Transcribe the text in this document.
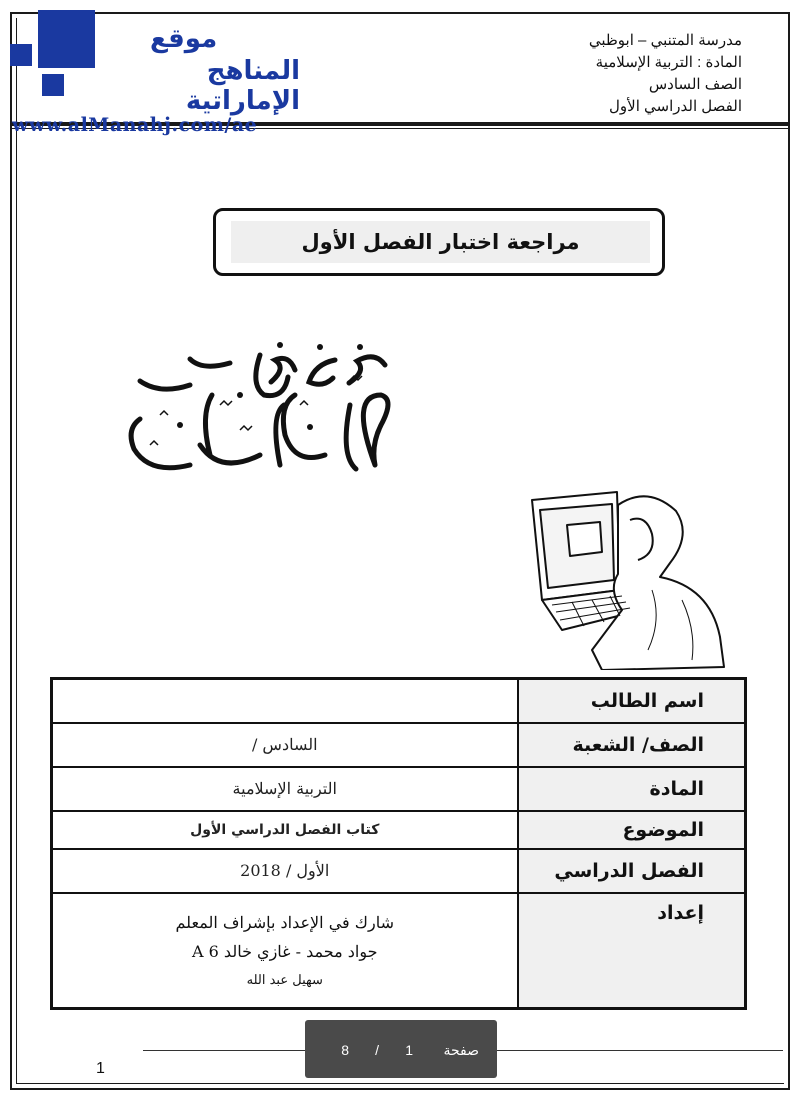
موقع
المناهج الإماراتية
www.alManahj.com/ae
مدرسة المتنبي – ابوظبي
المادة : التربية الإسلامية
الصف السادس
الفصل الدراسي الأول
مراجعة اختبار الفصل الأول
اسم الطالب	
الصف/ الشعبة	السادس /
المادة	التربية الإسلامية
الموضوع	كتاب الفصل الدراسي الأول
الفصل الدراسي	الأول / 2018
إعداد	شارك في الإعداد بإشراف المعلم
جواد محمد - غازي خالد 6 A
سهيل عبد الله
1
صفحة
1
/
8
